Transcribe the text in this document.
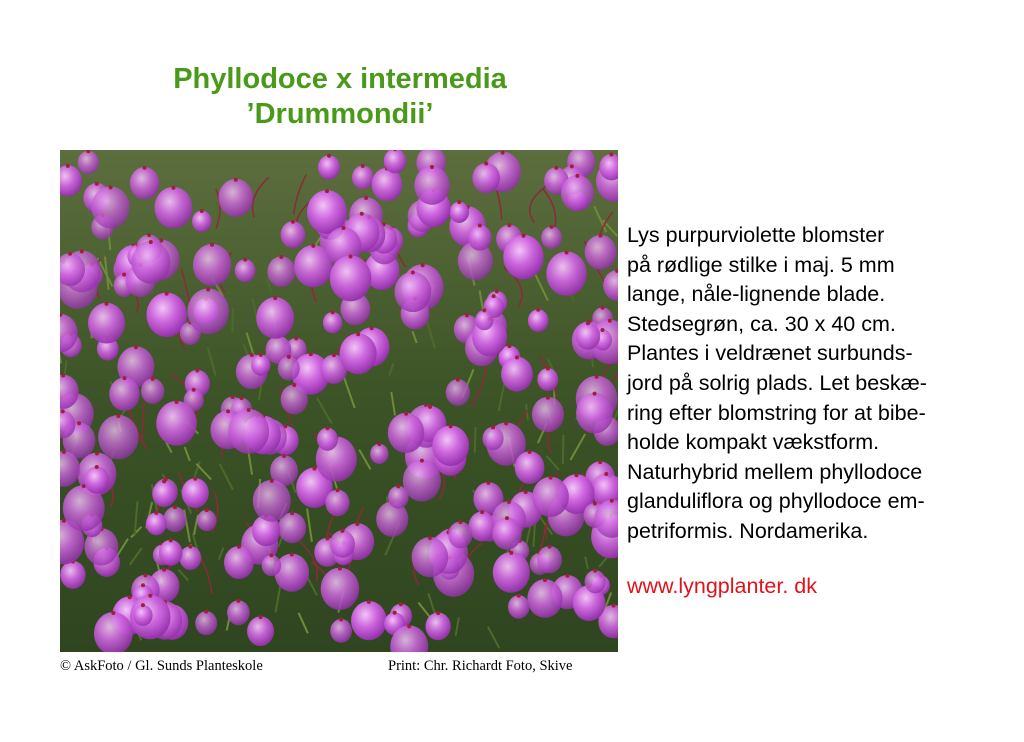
Phyllodoce x intermedia
’Drummondii’
Lys purpurviolette blomster
på rødlige stilke i maj. 5 mm
lange, nåle-lignende blade.
Stedsegrøn, ca. 30 x 40 cm.
Plantes i veldrænet surbunds-
jord på solrig plads. Let beskæ-
ring efter blomstring for at bibe-
holde kompakt vækstform.
Naturhybrid mellem phyllodoce
glanduliflora og phyllodoce em-
petriformis. Nordamerika.
www.lyngplanter. dk
© AskFoto / Gl. Sunds Planteskole	Print: Chr. Richardt Foto, Skive
